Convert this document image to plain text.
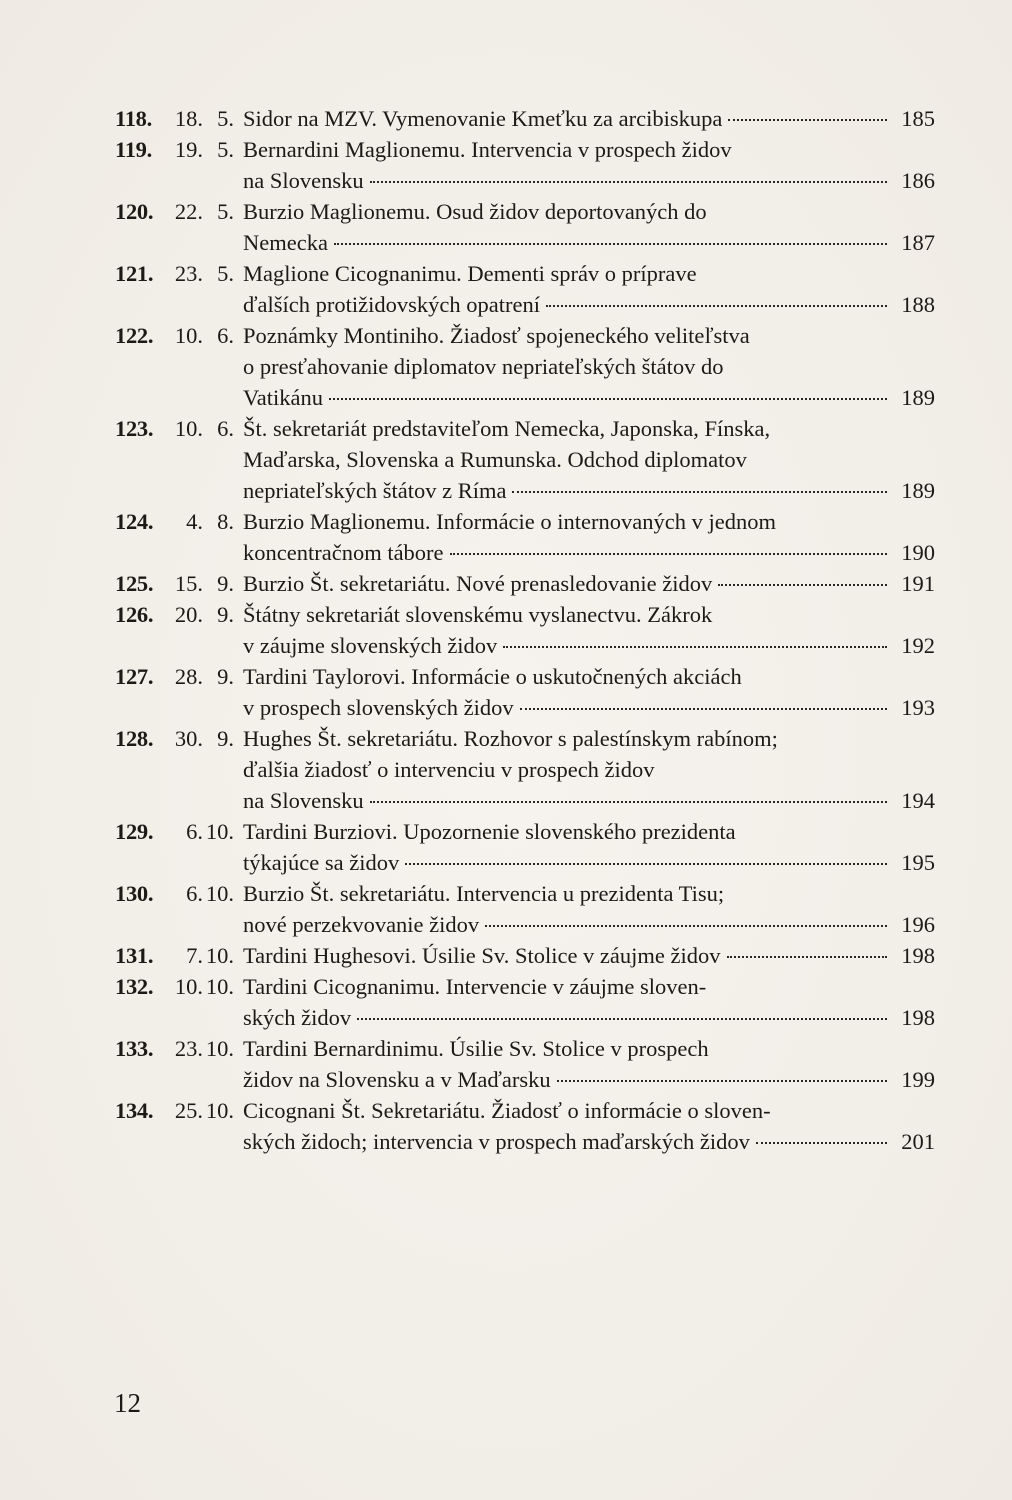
118. 18. 5. Sidor na MZV. Vymenovanie Kmeťku za arcibiskupa	185
119. 19. 5. Bernardini Maglionemu. Intervencia v prospech židov
na Slovensku	186
120. 22. 5. Burzio Maglionemu. Osud židov deportovaných do
Nemecka	187
121. 23. 5. Maglione Cicognanimu. Dementi správ o príprave
ďalších protižidovských opatrení	188
122. 10. 6. Poznámky Montiniho. Žiadosť spojeneckého veliteľstva
o presťahovanie diplomatov nepriateľských štátov do
Vatikánu	189
123. 10. 6. Št. sekretariát predstaviteľom Nemecka, Japonska, Fínska,
Maďarska, Slovenska a Rumunska. Odchod diplomatov
nepriateľských štátov z Ríma	189
124.	4. 8. Burzio Maglionemu. Informácie o internovaných v jednom
koncentračnom tábore	190
125. 15. 9. Burzio Št. sekretariátu. Nové prenasledovanie židov	191
126. 20. 9. Štátny sekretariát slovenskému vyslanectvu. Zákrok
v záujme slovenských židov	192
127. 28. 9. Tardini Taylorovi. Informácie o uskutočnených akciách
v prospech slovenských židov	193
128. 30. 9. Hughes Št. sekretariátu. Rozhovor s palestínskym rabínom;
ďalšia žiadosť o intervenciu v prospech židov
na Slovensku	194
129.	6. 10. Tardini Burziovi. Upozornenie slovenského prezidenta
týkajúce sa židov	195
130.	6. 10. Burzio Št. sekretariátu. Intervencia u prezidenta Tisu;
nové perzekvovanie židov	196
131.	7. 10. Tardini Hughesovi. Úsilie Sv. Stolice v záujme židov	198
132. 10. 10. Tardini Cicognanimu. Intervencie v záujme sloven-
ských židov	198
133. 23. 10. Tardini Bernardinimu. Úsilie Sv. Stolice v prospech
židov na Slovensku a v Maďarsku	199
134. 25. 10. Cicognani Št. Sekretariátu. Žiadosť o informácie o sloven-
ských židoch; intervencia v prospech maďarských židov	201
12
